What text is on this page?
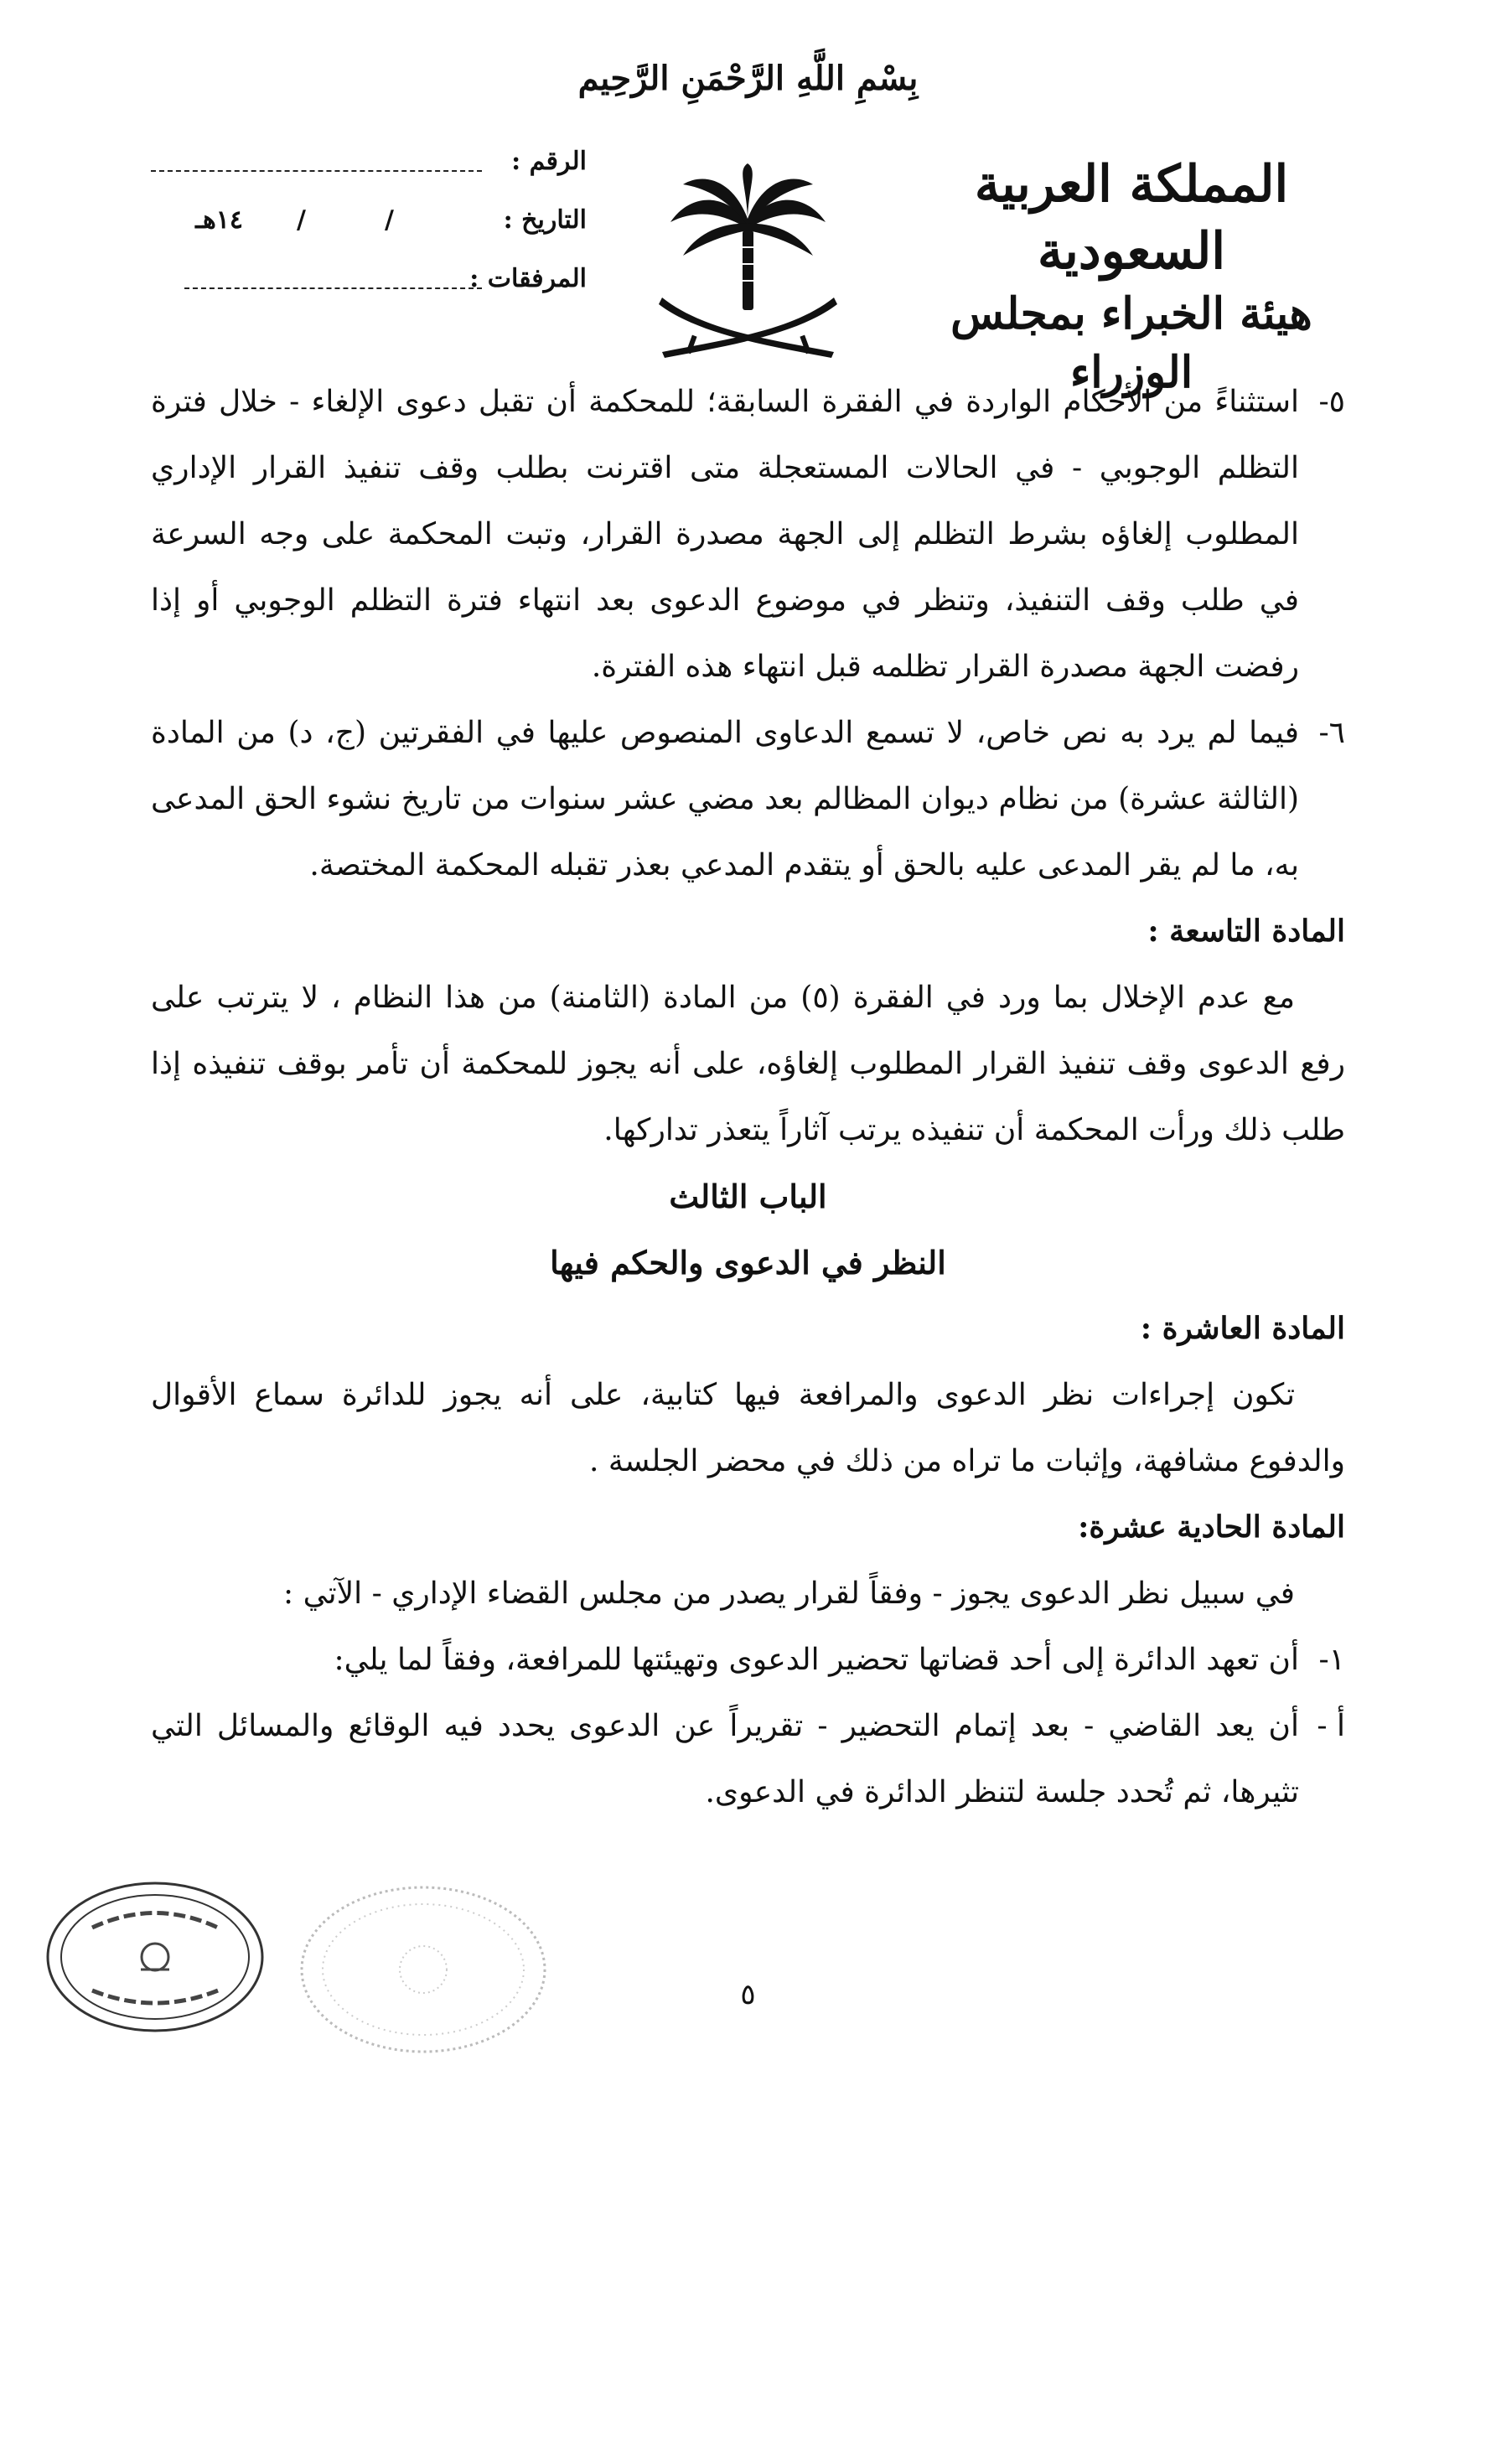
بِسْمِ اللَّهِ الرَّحْمَنِ الرَّحِيم
المملكة العربية السعودية
هيئة الخبراء بمجلس الوزراء
الرقم :
التاريخ :
/
/
١٤هـ
المرفقات :
٥-
استثناءً من الأحكام الواردة في الفقرة السابقة؛ للمحكمة أن تقبل دعوى الإلغاء - خلال فترة التظلم الوجوبي - في الحالات المستعجلة متى اقترنت بطلب وقف تنفيذ القرار الإداري المطلوب إلغاؤه بشرط التظلم إلى الجهة مصدرة القرار، وتبت المحكمة على وجه السرعة في طلب وقف التنفيذ، وتنظر في موضوع الدعوى بعد انتهاء فترة التظلم الوجوبي أو إذا رفضت الجهة مصدرة القرار تظلمه قبل انتهاء هذه الفترة.
٦-
فيما لم يرد به نص خاص، لا تسمع الدعاوى المنصوص عليها في الفقرتين (ج، د) من المادة (الثالثة عشرة) من نظام ديوان المظالم بعد مضي عشر سنوات من تاريخ نشوء الحق المدعى به، ما لم يقر المدعى عليه بالحق أو يتقدم المدعي بعذر تقبله المحكمة المختصة.
المادة التاسعة :
مع عدم الإخلال بما ورد في الفقرة (٥) من المادة (الثامنة) من هذا النظام ، لا يترتب على رفع الدعوى وقف تنفيذ القرار المطلوب إلغاؤه، على أنه يجوز للمحكمة أن تأمر بوقف تنفيذه إذا طلب ذلك ورأت المحكمة أن تنفيذه يرتب آثاراً يتعذر تداركها.
الباب الثالث
النظر في الدعوى والحكم فيها
المادة العاشرة :
تكون إجراءات نظر الدعوى والمرافعة فيها كتابية، على أنه يجوز للدائرة سماع الأقوال والدفوع مشافهة، وإثبات ما تراه من ذلك في محضر الجلسة .
المادة الحادية عشرة:
في سبيل نظر الدعوى يجوز - وفقاً لقرار يصدر من مجلس القضاء الإداري - الآتي :
١-
أن تعهد الدائرة إلى أحد قضاتها تحضير الدعوى وتهيئتها للمرافعة، وفقاً لما يلي:
أ -
أن يعد القاضي - بعد إتمام التحضير - تقريراً عن الدعوى يحدد فيه الوقائع والمسائل التي تثيرها، ثم تُحدد جلسة لتنظر الدائرة في الدعوى.
٥
